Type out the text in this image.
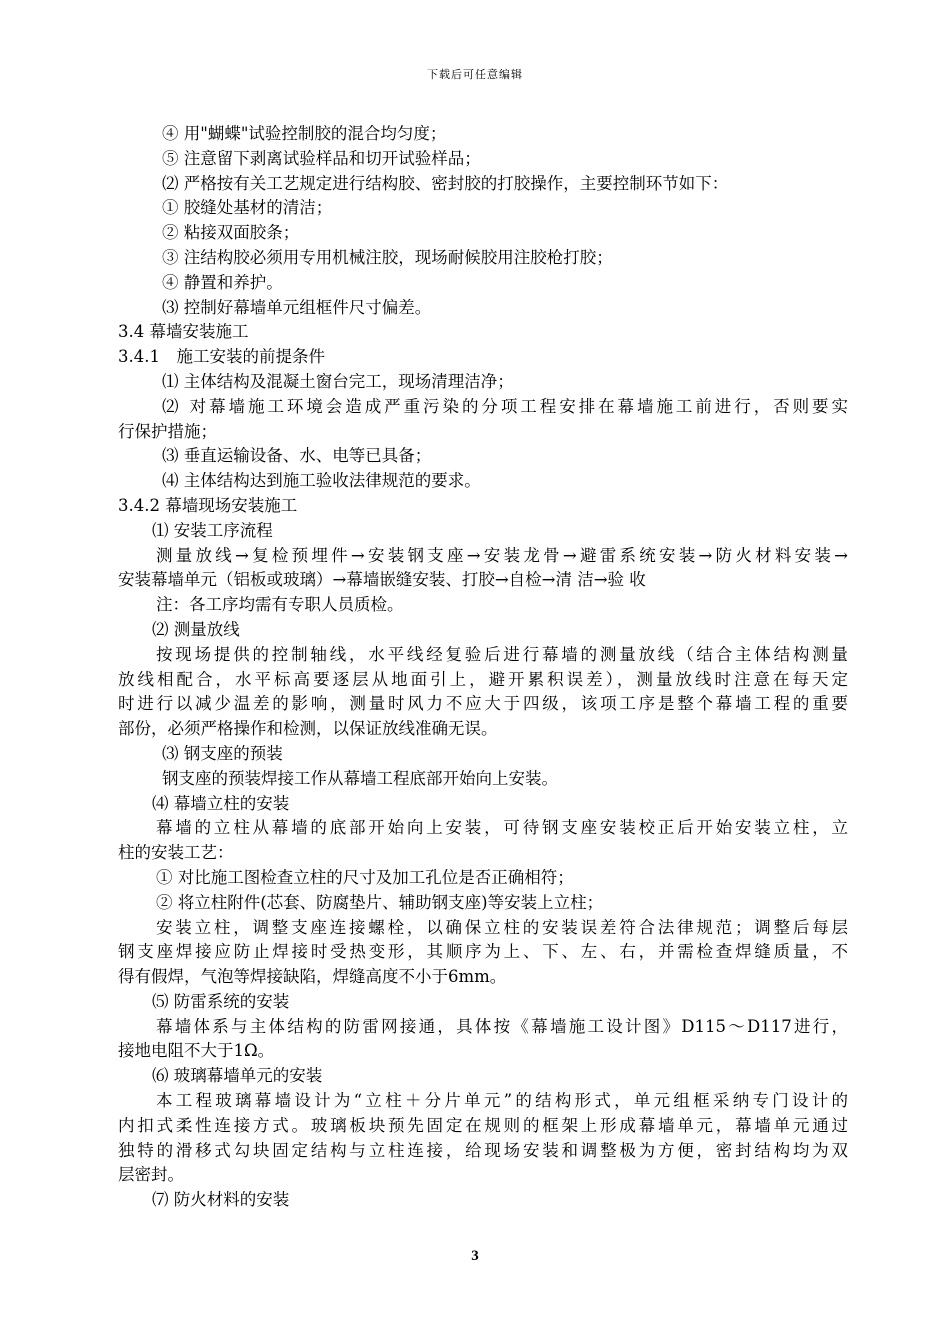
下载后可任意编辑
④ 用"蝴蝶"试验控制胶的混合均匀度；
⑤ 注意留下剥离试验样品和切开试验样品；
⑵ 严格按有关工艺规定进行结构胶、密封胶的打胶操作，主要控制环节如下：
① 胶缝处基材的清洁；
② 粘接双面胶条；
③ 注结构胶必须用专用机械注胶，现场耐候胶用注胶枪打胶；
④ 静置和养护。
⑶ 控制好幕墙单元组框件尺寸偏差。
3.4 幕墙安装施工
3.4.1　施工安装的前提条件
⑴ 主体结构及混凝土窗台完工，现场清理洁净；
⑵ 对幕墙施工环境会造成严重污染的分项工程安排在幕墙施工前进行，否则要实
行保护措施；
⑶ 垂直运输设备、水、电等已具备；
⑷ 主体结构达到施工验收法律规范的要求。
3.4.2 幕墙现场安装施工
⑴ 安装工序流程
测量放线→复检预埋件→安装钢支座→安装龙骨→避雷系统安装→防火材料安装→
安装幕墙单元（铝板或玻璃）→幕墙嵌缝安装、打胶→自检→清 洁→验 收
注：各工序均需有专职人员质检。
⑵ 测量放线
按现场提供的控制轴线，水平线经复验后进行幕墙的测量放线（结合主体结构测量
放线相配合，水平标高要逐层从地面引上，避开累积误差），测量放线时注意在每天定
时进行以减少温差的影响，测量时风力不应大于四级，该项工序是整个幕墙工程的重要
部份，必须严格操作和检测，以保证放线准确无误。
⑶ 钢支座的预装
钢支座的预装焊接工作从幕墙工程底部开始向上安装。
⑷ 幕墙立柱的安装
幕墙的立柱从幕墙的底部开始向上安装，可待钢支座安装校正后开始安装立柱，立
柱的安装工艺：
① 对比施工图检查立柱的尺寸及加工孔位是否正确相符；
② 将立柱附件(芯套、防腐垫片、辅助钢支座)等安装上立柱；
安装立柱，调整支座连接螺栓，以确保立柱的安装误差符合法律规范；调整后每层
钢支座焊接应防止焊接时受热变形，其顺序为上、下、左、右，并需检查焊缝质量，不
得有假焊，气泡等焊接缺陷，焊缝高度不小于6mm。
⑸ 防雷系统的安装
幕墙体系与主体结构的防雷网接通，具体按《幕墙施工设计图》D115～D117进行，
接地电阻不大于1Ω。
⑹ 玻璃幕墙单元的安装
本工程玻璃幕墙设计为“立柱＋分片单元”的结构形式，单元组框采纳专门设计的
内扣式柔性连接方式。玻璃板块预先固定在规则的框架上形成幕墙单元，幕墙单元通过
独特的滑移式勾块固定结构与立柱连接，给现场安装和调整极为方便，密封结构均为双
层密封。
⑺ 防火材料的安装
3
